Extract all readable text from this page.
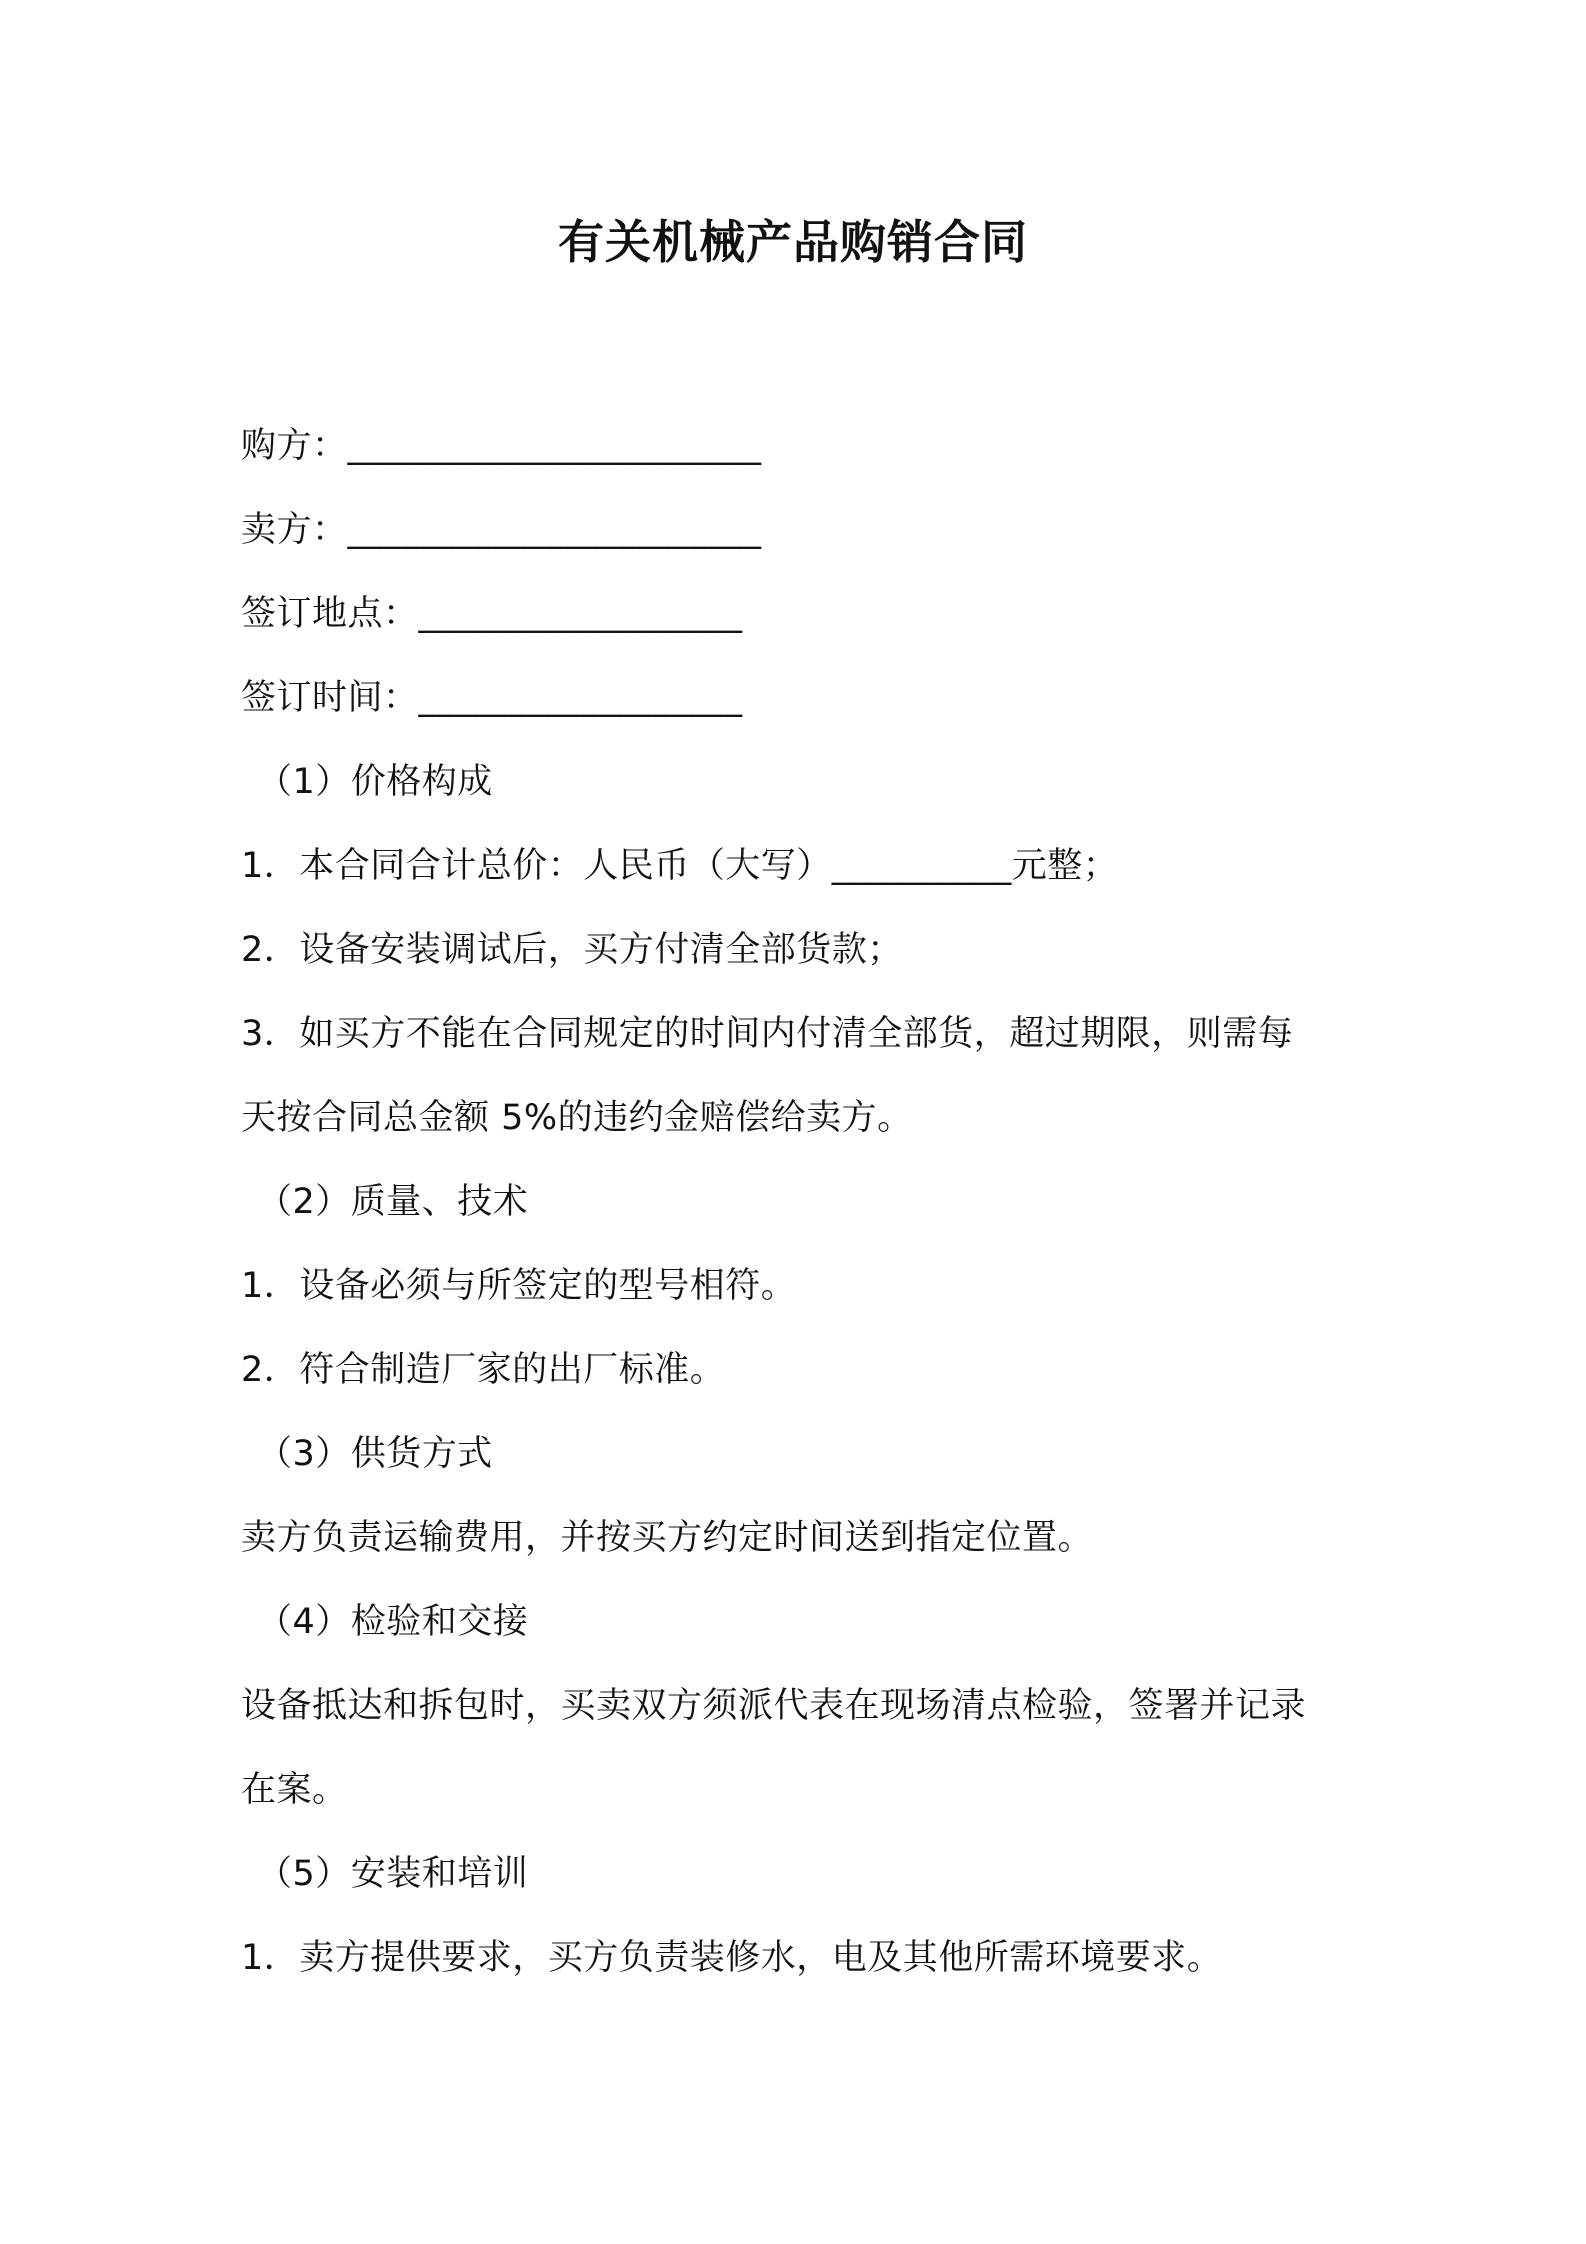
有关机械产品购销合同
购方：_______________________
卖方：_______________________
签订地点：__________________
签订时间：__________________
（1）价格构成
1．本合同合计总价：人民币（大写）__________元整；
2．设备安装调试后，买方付清全部货款；
3．如买方不能在合同规定的时间内付清全部货，超过期限，则需每
天按合同总金额 5%的违约金赔偿给卖方。
（2）质量、技术
1．设备必须与所签定的型号相符。
2．符合制造厂家的出厂标准。
（3）供货方式
卖方负责运输费用，并按买方约定时间送到指定位置。
（4）检验和交接
设备抵达和拆包时，买卖双方须派代表在现场清点检验，签署并记录
在案。
（5）安装和培训
1．卖方提供要求，买方负责装修水，电及其他所需环境要求。
